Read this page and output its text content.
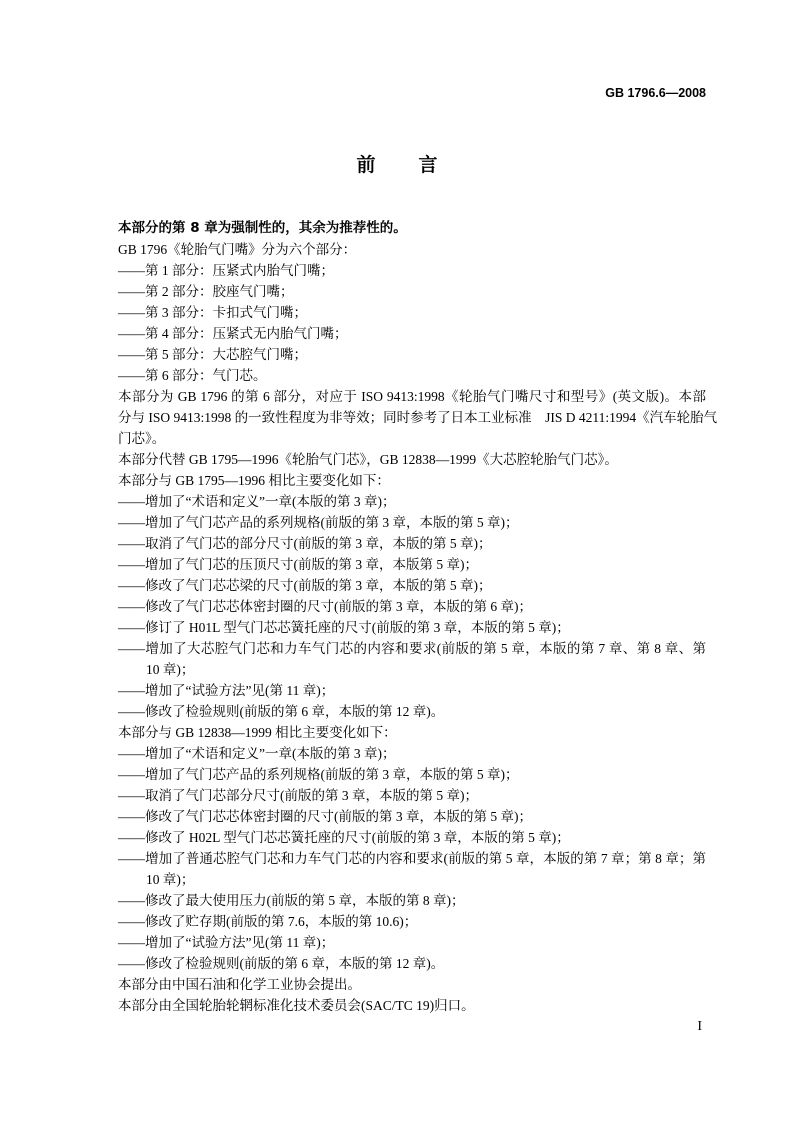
GB 1796.6—2008
前　言
本部分的第 8 章为强制性的，其余为推荐性的。
GB 1796《轮胎气门嘴》分为六个部分：
——第 1 部分：压紧式内胎气门嘴；
——第 2 部分：胶座气门嘴；
——第 3 部分：卡扣式气门嘴；
——第 4 部分：压紧式无内胎气门嘴；
——第 5 部分：大芯腔气门嘴；
——第 6 部分：气门芯。
本部分为 GB 1796 的第 6 部分，对应于 ISO 9413:1998《轮胎气门嘴尺寸和型号》(英文版)。本部
分与 ISO 9413:1998 的一致性程度为非等效；同时参考了日本工业标准　JIS D 4211:1994《汽车轮胎气
门芯》。
本部分代替 GB 1795—1996《轮胎气门芯》，GB 12838—1999《大芯腔轮胎气门芯》。
本部分与 GB 1795—1996 相比主要变化如下：
——增加了“术语和定义”一章(本版的第 3 章)；
——增加了气门芯产品的系列规格(前版的第 3 章，本版的第 5 章)；
——取消了气门芯的部分尺寸(前版的第 3 章，本版的第 5 章)；
——增加了气门芯的压顶尺寸(前版的第 3 章，本版第 5 章)；
——修改了气门芯芯梁的尺寸(前版的第 3 章，本版的第 5 章)；
——修改了气门芯芯体密封圈的尺寸(前版的第 3 章，本版的第 6 章)；
——修订了 H01L 型气门芯芯簧托座的尺寸(前版的第 3 章，本版的第 5 章)；
——增加了大芯腔气门芯和力车气门芯的内容和要求(前版的第 5 章，本版的第 7 章、第 8 章、第
10 章)；
——增加了“试验方法”见(第 11 章)；
——修改了检验规则(前版的第 6 章，本版的第 12 章)。
本部分与 GB 12838—1999 相比主要变化如下：
——增加了“术语和定义”一章(本版的第 3 章)；
——增加了气门芯产品的系列规格(前版的第 3 章，本版的第 5 章)；
——取消了气门芯部分尺寸(前版的第 3 章，本版的第 5 章)；
——修改了气门芯芯体密封圈的尺寸(前版的第 3 章，本版的第 5 章)；
——修改了 H02L 型气门芯芯簧托座的尺寸(前版的第 3 章，本版的第 5 章)；
——增加了普通芯腔气门芯和力车气门芯的内容和要求(前版的第 5 章，本版的第 7 章；第 8 章；第
10 章)；
——修改了最大使用压力(前版的第 5 章，本版的第 8 章)；
——修改了贮存期(前版的第 7.6，本版的第 10.6)；
——增加了“试验方法”见(第 11 章)；
——修改了检验规则(前版的第 6 章，本版的第 12 章)。
本部分由中国石油和化学工业协会提出。
本部分由全国轮胎轮辋标准化技术委员会(SAC/TC 19)归口。
I
